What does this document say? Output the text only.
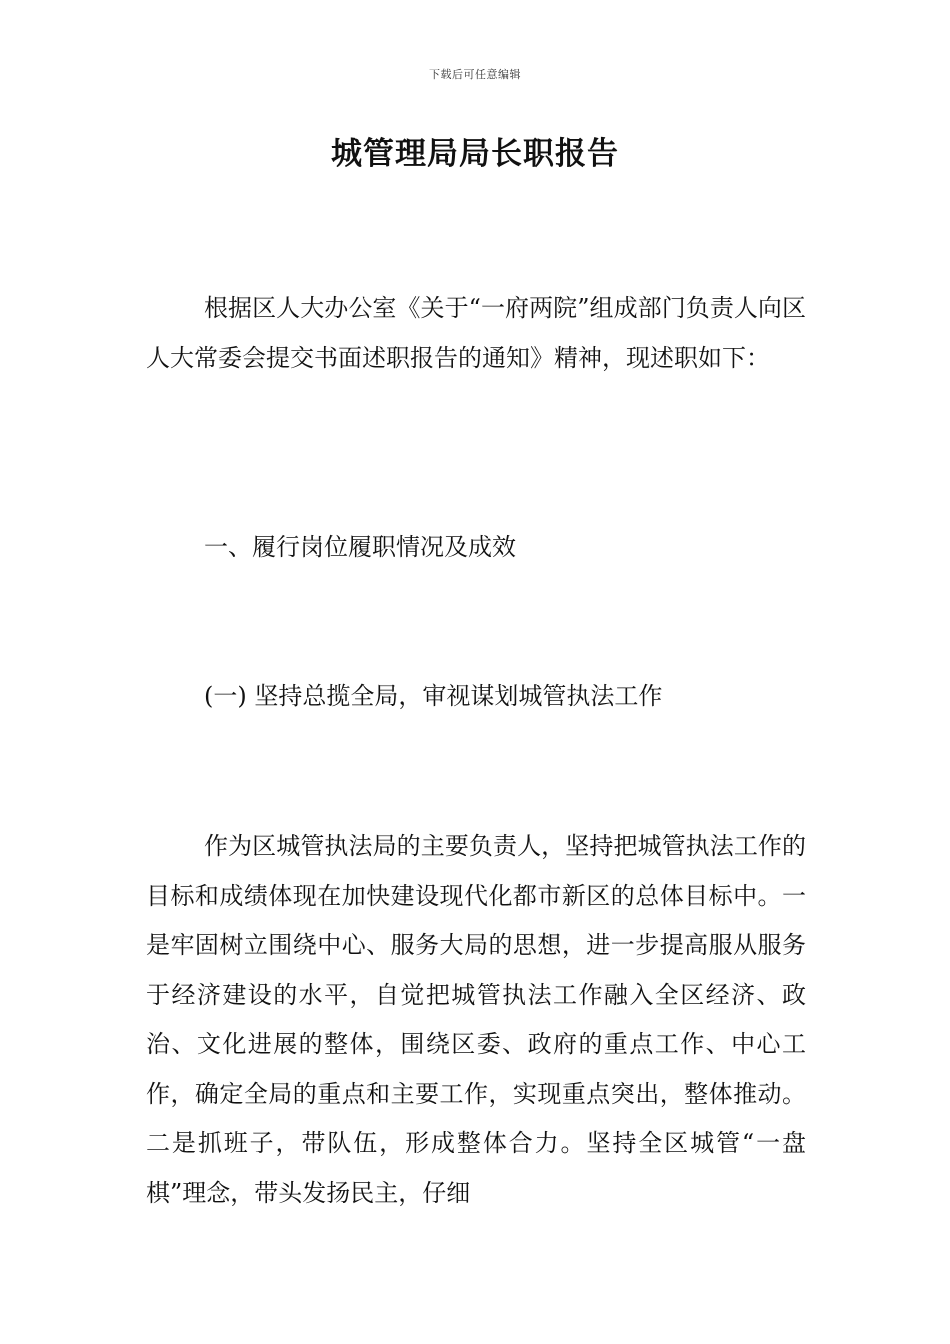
下载后可任意编辑
城管理局局长职报告

根据区人大办公室《关于“一府两院”组成部门负责人向区人大常委会提交书面述职报告的通知》精神，现述职如下：

一、履行岗位履职情况及成效
(一) 坚持总揽全局，审视谋划城管执法工作

作为区城管执法局的主要负责人，坚持把城管执法工作的目标和成绩体现在加快建设现代化都市新区的总体目标中。一是牢固树立围绕中心、服务大局的思想，进一步提高服从服务于经济建设的水平，自觉把城管执法工作融入全区经济、政治、文化进展的整体，围绕区委、政府的重点工作、中心工作，确定全局的重点和主要工作，实现重点突出，整体推动。二是抓班子，带队伍，形成整体合力。坚持全区城管“一盘棋”理念，带头发扬民主，仔细
